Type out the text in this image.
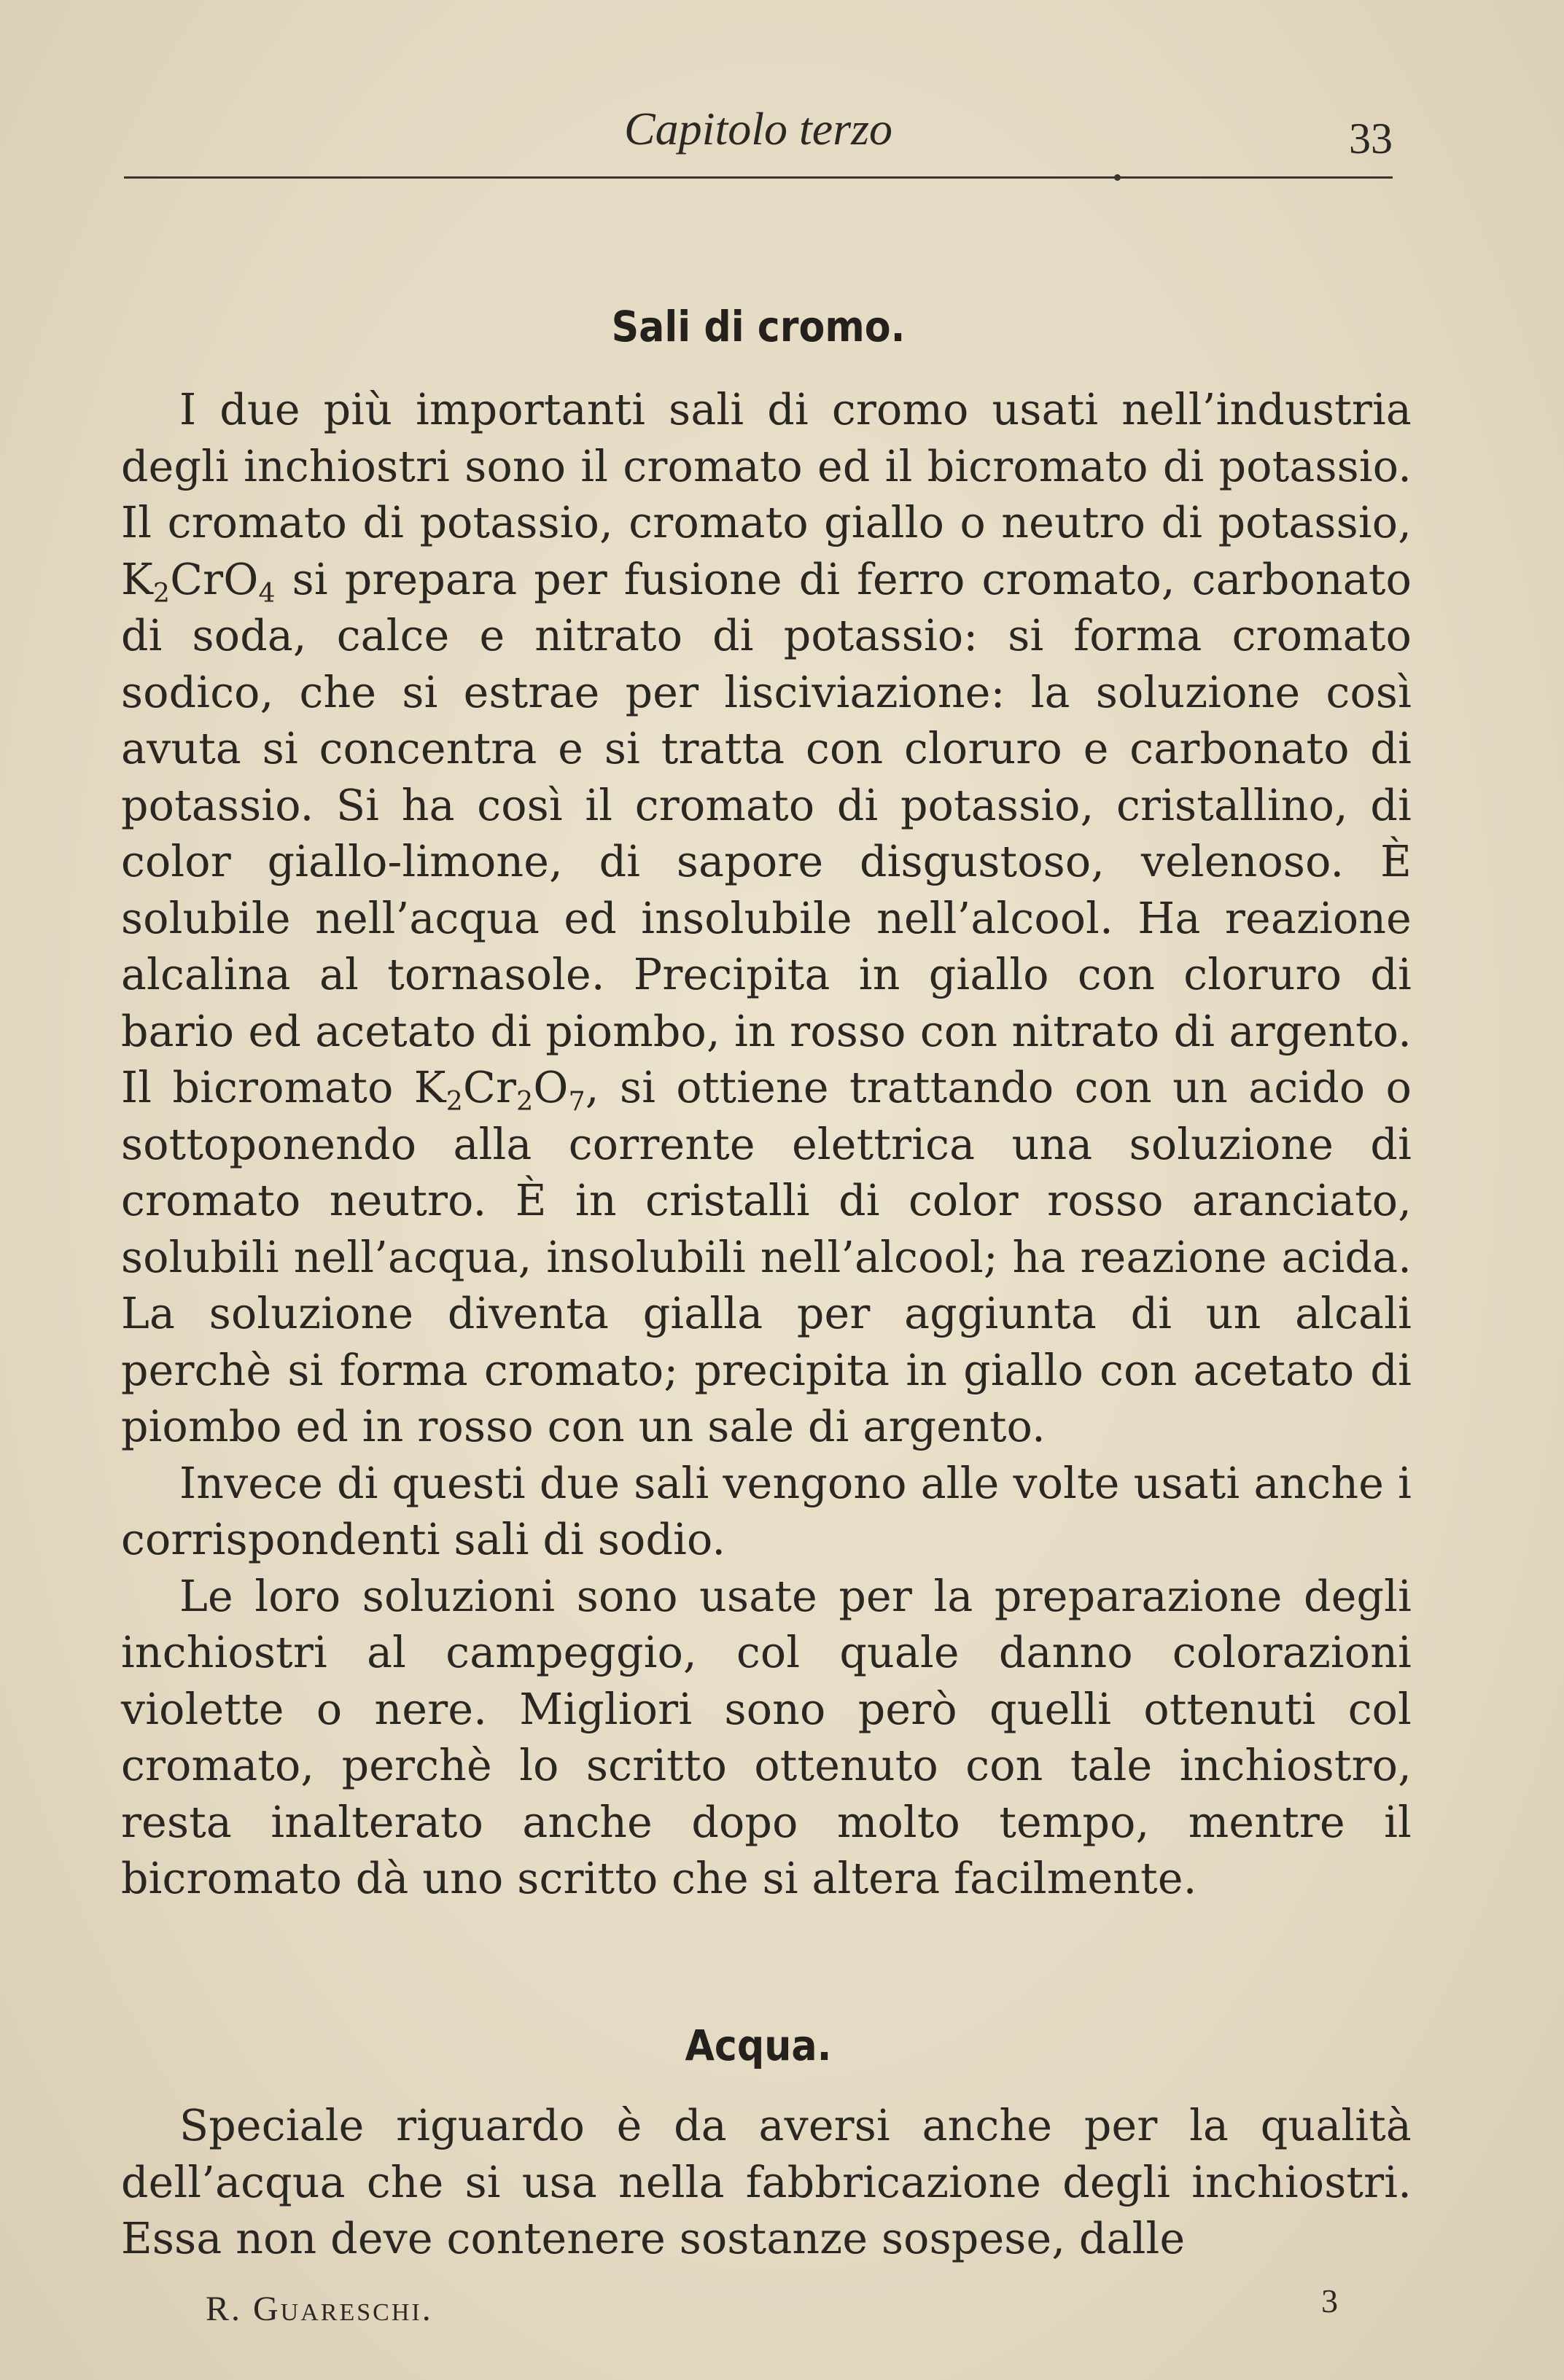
Capitolo terzo	33
Sali di cromo.

I due più importanti sali di cromo usati nell’industria degli inchiostri sono il cromato ed il bicromato di potassio. Il cromato di potassio, cromato giallo o neutro di potassio, $K_2CrO_4$ si prepara per fusione di ferro cromato, carbonato di soda, calce e nitrato di potassio: si forma cromato sodico, che si estrae per lisciviazione: la soluzione così avuta si concentra e si tratta con cloruro e carbonato di potassio. Si ha così il cromato di potassio, cristallino, di color giallo-limone, di sapore disgustoso, velenoso. È solubile nell’acqua ed insolubile nell’alcool. Ha reazione alcalina al tornasole. Precipita in giallo con cloruro di bario ed acetato di piombo, in rosso con nitrato di argento. Il bicromato $K_2Cr_2O_7$, si ottiene trattando con un acido o sottoponendo alla corrente elettrica una soluzione di cromato neutro. È in cristalli di color rosso aranciato, solubili nell’acqua, insolubili nell’alcool; ha reazione acida. La soluzione diventa gialla per aggiunta di un alcali perchè si forma cromato; precipita in giallo con acetato di piombo ed in rosso con un sale di argento.

Invece di questi due sali vengono alle volte usati anche i corrispondenti sali di sodio.

Le loro soluzioni sono usate per la preparazione degli inchiostri al campeggio, col quale danno colorazioni violette o nere. Migliori sono però quelli ottenuti col cromato, perchè lo scritto ottenuto con tale inchiostro, resta inalterato anche dopo molto tempo, mentre il bicromato dà uno scritto che si altera facilmente.

Acqua.

Speciale riguardo è da aversi anche per la qualità dell’acqua che si usa nella fabbricazione degli inchiostri. Essa non deve contenere sostanze sospese, dalle

R. Guareschi.	3
